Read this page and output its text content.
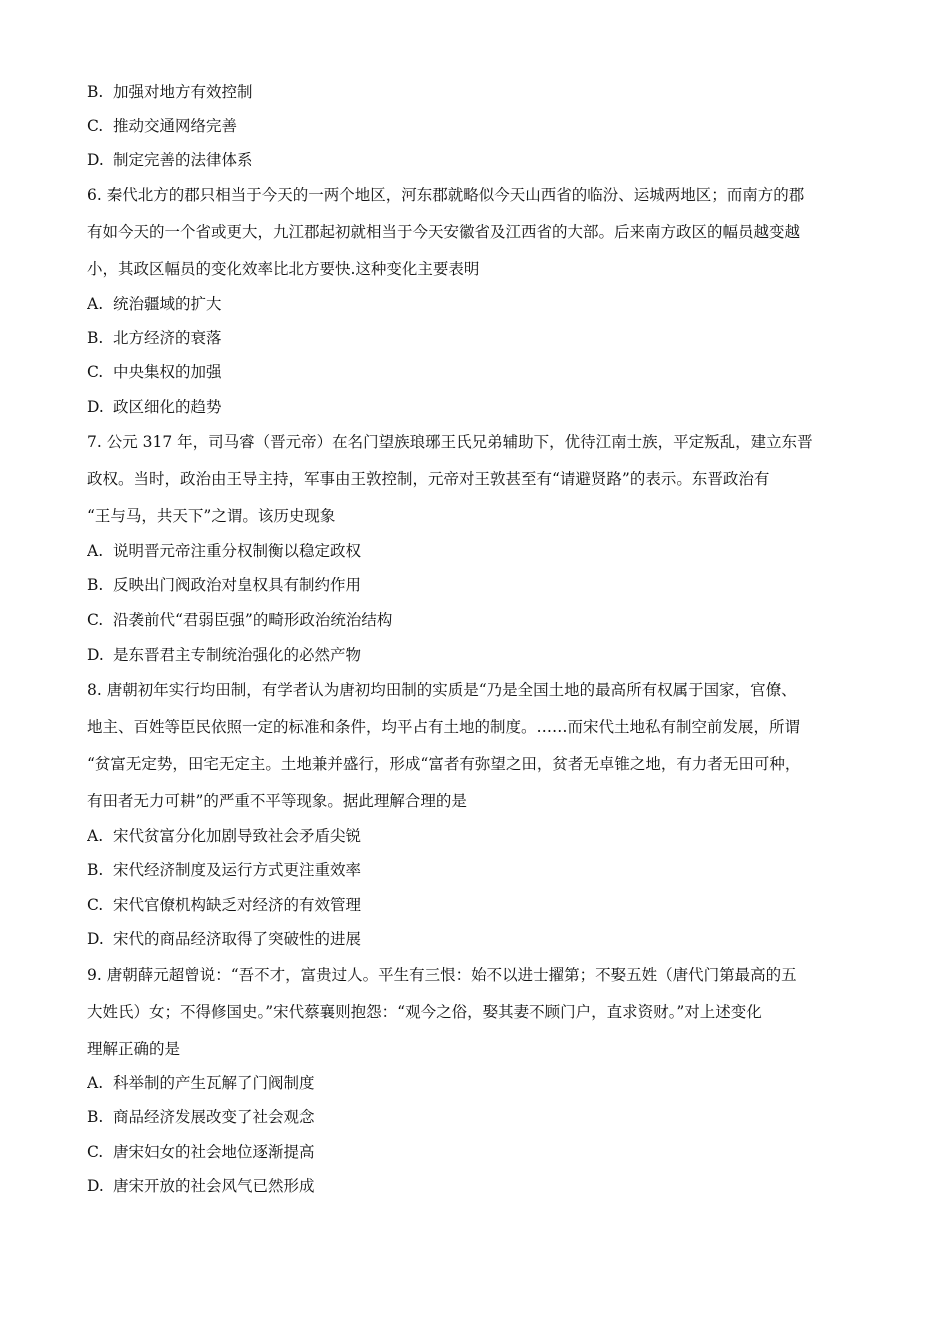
B. 加强对地方有效控制
C. 推动交通网络完善
D. 制定完善的法律体系
6. 秦代北方的郡只相当于今天的一两个地区，河东郡就略似今天山西省的临汾、运城两地区；而南方的郡
有如今天的一个省或更大，九江郡起初就相当于今天安徽省及江西省的大部。后来南方政区的幅员越变越
小，其政区幅员的变化效率比北方要快.这种变化主要表明
A. 统治疆域的扩大
B. 北方经济的衰落
C. 中央集权的加强
D. 政区细化的趋势
7. 公元 317 年，司马睿（晋元帝）在名门望族琅琊王氏兄弟辅助下，优待江南士族，平定叛乱，建立东晋
政权。当时，政治由王导主持，军事由王敦控制，元帝对王敦甚至有“请避贤路”的表示。东晋政治有
“王与马，共天下”之谓。该历史现象
A. 说明晋元帝注重分权制衡以稳定政权
B. 反映出门阀政治对皇权具有制约作用
C. 沿袭前代“君弱臣强”的畸形政治统治结构
D. 是东晋君主专制统治强化的必然产物
8. 唐朝初年实行均田制，有学者认为唐初均田制的实质是“乃是全国土地的最高所有权属于国家，官僚、
地主、百姓等臣民依照一定的标准和条件，均平占有土地的制度。……而宋代土地私有制空前发展，所谓
“贫富无定势，田宅无定主。土地兼并盛行，形成“富者有弥望之田，贫者无卓锥之地，有力者无田可种，
有田者无力可耕”的严重不平等现象。据此理解合理的是
A. 宋代贫富分化加剧导致社会矛盾尖锐
B. 宋代经济制度及运行方式更注重效率
C. 宋代官僚机构缺乏对经济的有效管理
D. 宋代的商品经济取得了突破性的进展
9. 唐朝薛元超曾说：“吾不才，富贵过人。平生有三恨：始不以进士擢第；不娶五姓（唐代门第最高的五
大姓氏）女；不得修国史。”宋代蔡襄则抱怨：“观今之俗，娶其妻不顾门户，直求资财。”对上述变化
理解正确的是
A. 科举制的产生瓦解了门阀制度
B. 商品经济发展改变了社会观念
C. 唐宋妇女的社会地位逐渐提高
D. 唐宋开放的社会风气已然形成
